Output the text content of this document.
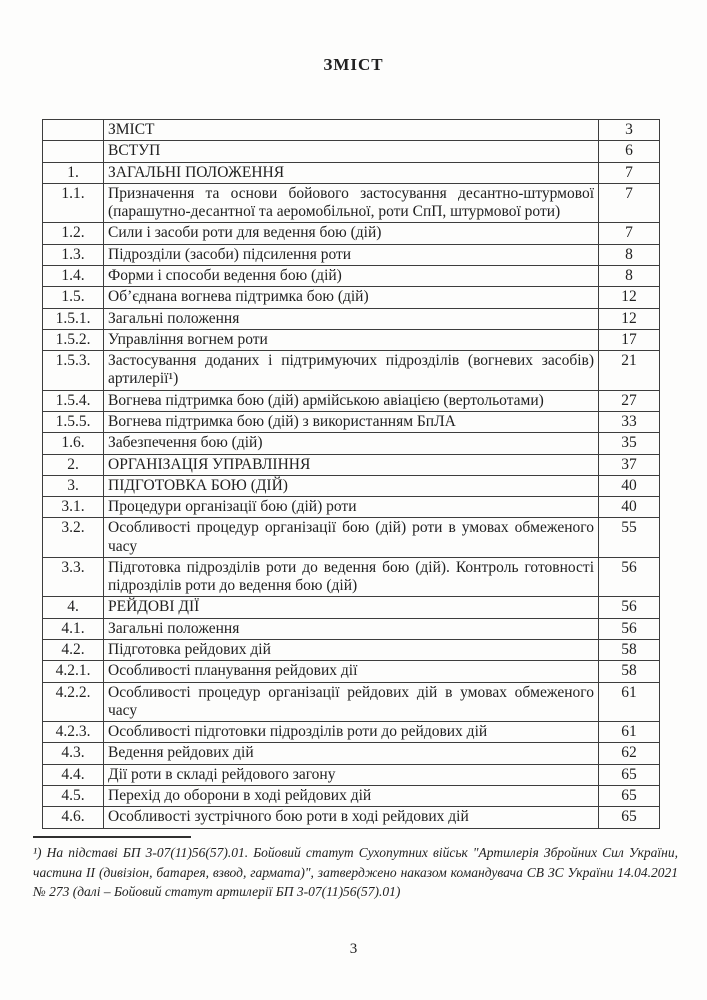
ЗМІСТ
	ЗМІСТ	3
	ВСТУП	6
1.	ЗАГАЛЬНІ ПОЛОЖЕННЯ	7
1.1.	Призначення та основи бойового застосування десантно-штурмової (парашутно-десантної та аеромобільної, роти СпП, штурмової роти)	7
1.2.	Сили і засоби роти для ведення бою (дій)	7
1.3.	Підрозділи (засоби) підсилення роти	8
1.4.	Форми і способи ведення бою (дій)	8
1.5.	Об’єднана вогнева підтримка бою (дій)	12
1.5.1.	Загальні положення	12
1.5.2.	Управління вогнем роти	17
1.5.3.	Застосування доданих і підтримуючих підрозділів (вогневих засобів) артилерії¹)	21
1.5.4.	Вогнева підтримка бою (дій) армійською авіацією (вертольотами)	27
1.5.5.	Вогнева підтримка бою (дій) з використанням БпЛА	33
1.6.	Забезпечення бою (дій)	35
2.	ОРГАНІЗАЦІЯ УПРАВЛІННЯ	37
3.	ПІДГОТОВКА БОЮ (ДІЙ)	40
3.1.	Процедури організації бою (дій) роти	40
3.2.	Особливості процедур організації бою (дій) роти в умовах обмеженого часу	55
3.3.	Підготовка підрозділів роти до ведення бою (дій). Контроль готовності підрозділів роти до ведення бою (дій)	56
4.	РЕЙДОВІ ДІЇ	56
4.1.	Загальні положення	56
4.2.	Підготовка рейдових дій	58
4.2.1.	Особливості планування рейдових дії	58
4.2.2.	Особливості процедур організації рейдових дій в умовах обмеженого часу	61
4.2.3.	Особливості підготовки підрозділів роти до рейдових дій	61
4.3.	Ведення рейдових дій	62
4.4.	Дії роти в складі рейдового загону	65
4.5.	Перехід до оборони в ході рейдових дій	65
4.6.	Особливості зустрічного бою роти в ході рейдових дій	65

¹) На підставі БП 3-07(11)56(57).01. Бойовий статут Сухопутних військ "Артилерія Збройних Сил України, частина II (дивізіон, батарея, взвод, гармата)", затверджено наказом командувача СВ ЗС України 14.04.2021 № 273 (далі – Бойовий статут артилерії БП 3-07(11)56(57).01)

3
